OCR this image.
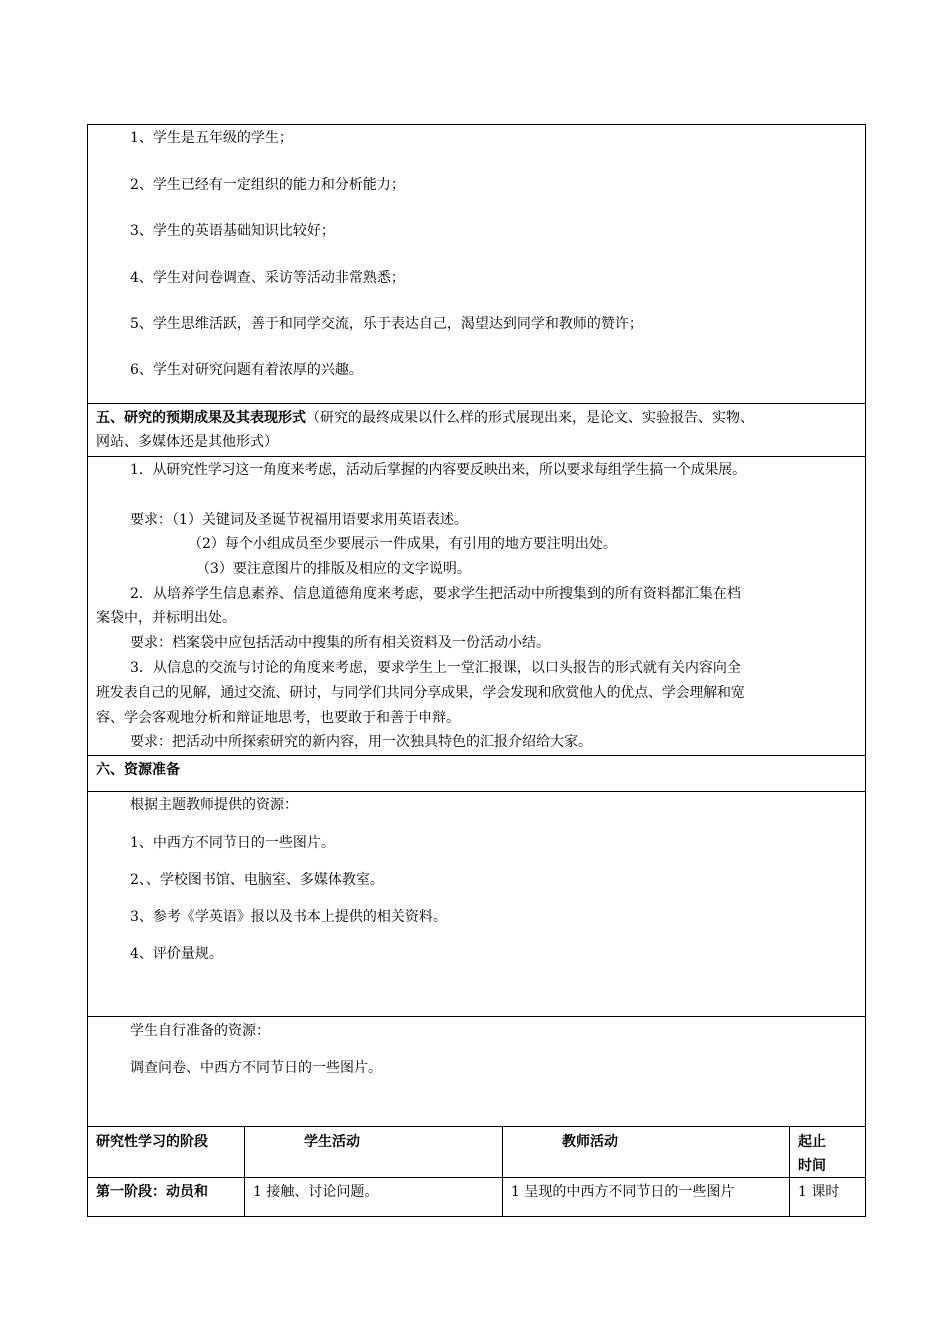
1、学生是五年级的学生；
2、学生已经有一定组织的能力和分析能力；
3、学生的英语基础知识比较好；
4、学生对问卷调查、采访等活动非常熟悉；
5、学生思维活跃，善于和同学交流，乐于表达自己，渴望达到同学和教师的赞许；
6、学生对研究问题有着浓厚的兴趣。
五、研究的预期成果及其表现形式（研究的最终成果以什么样的形式展现出来，是论文、实验报告、实物、
网站、多媒体还是其他形式）
1．从研究性学习这一角度来考虑，活动后掌握的内容要反映出来，所以要求每组学生搞一个成果展。
要求：（1）关键词及圣诞节祝福用语要求用英语表述。
（2）每个小组成员至少要展示一件成果，有引用的地方要注明出处。
（3）要注意图片的排版及相应的文字说明。
2．从培养学生信息素养、信息道德角度来考虑，要求学生把活动中所搜集到的所有资料都汇集在档
案袋中，并标明出处。
要求：档案袋中应包括活动中搜集的所有相关资料及一份活动小结。
3．从信息的交流与讨论的角度来考虑，要求学生上一堂汇报课，以口头报告的形式就有关内容向全
班发表自己的见解，通过交流、研讨，与同学们共同分享成果，学会发现和欣赏他人的优点、学会理解和宽
容、学会客观地分析和辩证地思考，也要敢于和善于申辩。
要求：把活动中所探索研究的新内容，用一次独具特色的汇报介绍给大家。
六、资源准备
根据主题教师提供的资源：
1、中西方不同节日的一些图片。
2、、学校图书馆、电脑室、多媒体教室。
3、参考《学英语》报以及书本上提供的相关资料。
4、评价量规。
学生自行准备的资源：
调查问卷、中西方不同节日的一些图片。
研究性学习的阶段	学生活动	教师活动	起止
时间
第一阶段：动员和	1 接触、讨论问题。	1 呈现的中西方不同节日的一些图片	1 课时
